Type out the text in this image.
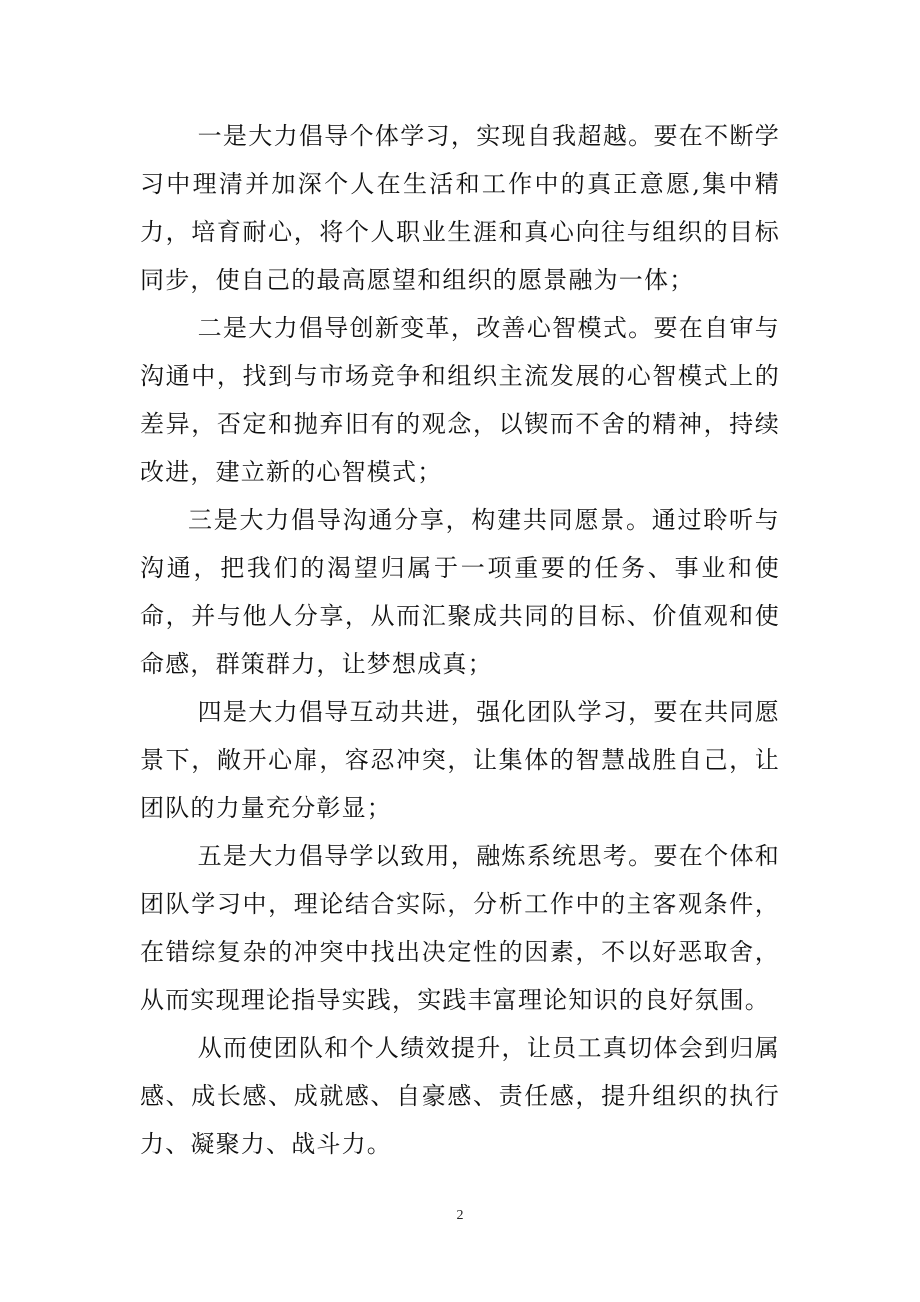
一是大力倡导个体学习，实现自我超越。要在不断学习中理清并加深个人在生活和工作中的真正意愿,集中精力，培育耐心，将个人职业生涯和真心向往与组织的目标同步，使自己的最高愿望和组织的愿景融为一体；

二是大力倡导创新变革，改善心智模式。要在自审与沟通中，找到与市场竞争和组织主流发展的心智模式上的差异，否定和抛弃旧有的观念，以锲而不舍的精神，持续改进，建立新的心智模式；

三是大力倡导沟通分享，构建共同愿景。通过聆听与沟通，把我们的渴望归属于一项重要的任务、事业和使命，并与他人分享，从而汇聚成共同的目标、价值观和使命感，群策群力，让梦想成真；

四是大力倡导互动共进，强化团队学习，要在共同愿景下，敞开心扉，容忍冲突，让集体的智慧战胜自己，让团队的力量充分彰显；

五是大力倡导学以致用，融炼系统思考。要在个体和团队学习中，理论结合实际，分析工作中的主客观条件，在错综复杂的冲突中找出决定性的因素，不以好恶取舍，从而实现理论指导实践，实践丰富理论知识的良好氛围。

从而使团队和个人绩效提升，让员工真切体会到归属感、成长感、成就感、自豪感、责任感，提升组织的执行力、凝聚力、战斗力。

2
